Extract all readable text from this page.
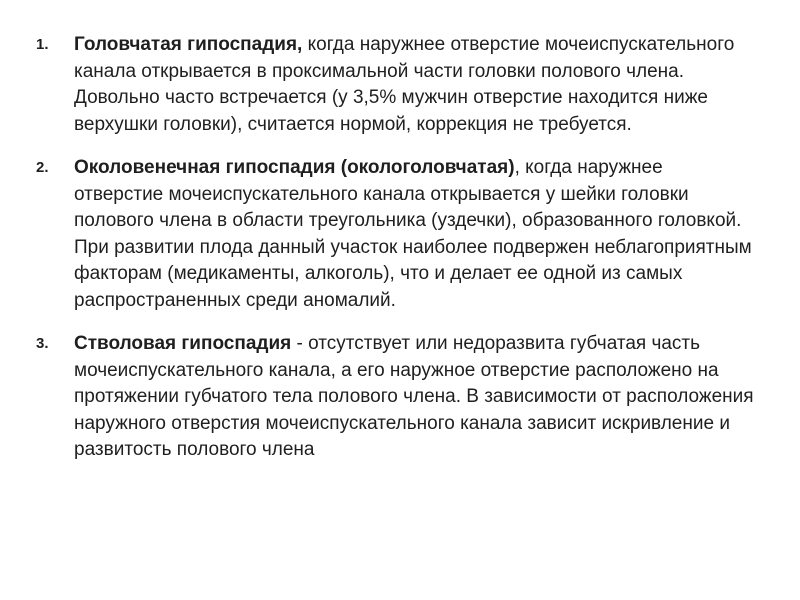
1.	Головчатая гипоспадия, когда наружнее отверстие мочеиспускательного канала открывается в проксимальной части головки полового члена. Довольно часто встречается (у 3,5% мужчин отверстие находится ниже верхушки головки), считается нормой, коррекция не требуется.
2.	Околовенечная гипоспадия (окологоловчатая), когда наружнее отверстие мочеиспускательного канала открывается у шейки головки полового члена в области треугольника (уздечки), образованного головкой. При развитии плода данный участок наиболее подвержен неблагоприятным факторам (медикаменты, алкоголь), что и делает ее одной из самых распространенных среди аномалий.
3.	Стволовая гипоспадия - отсутствует или недоразвита губчатая часть мочеиспускательного канала, а его наружное отверстие расположено на протяжении губчатого тела полового члена. В зависимости от расположения наружного отверстия мочеиспускательного канала зависит искривление и развитость полового члена
